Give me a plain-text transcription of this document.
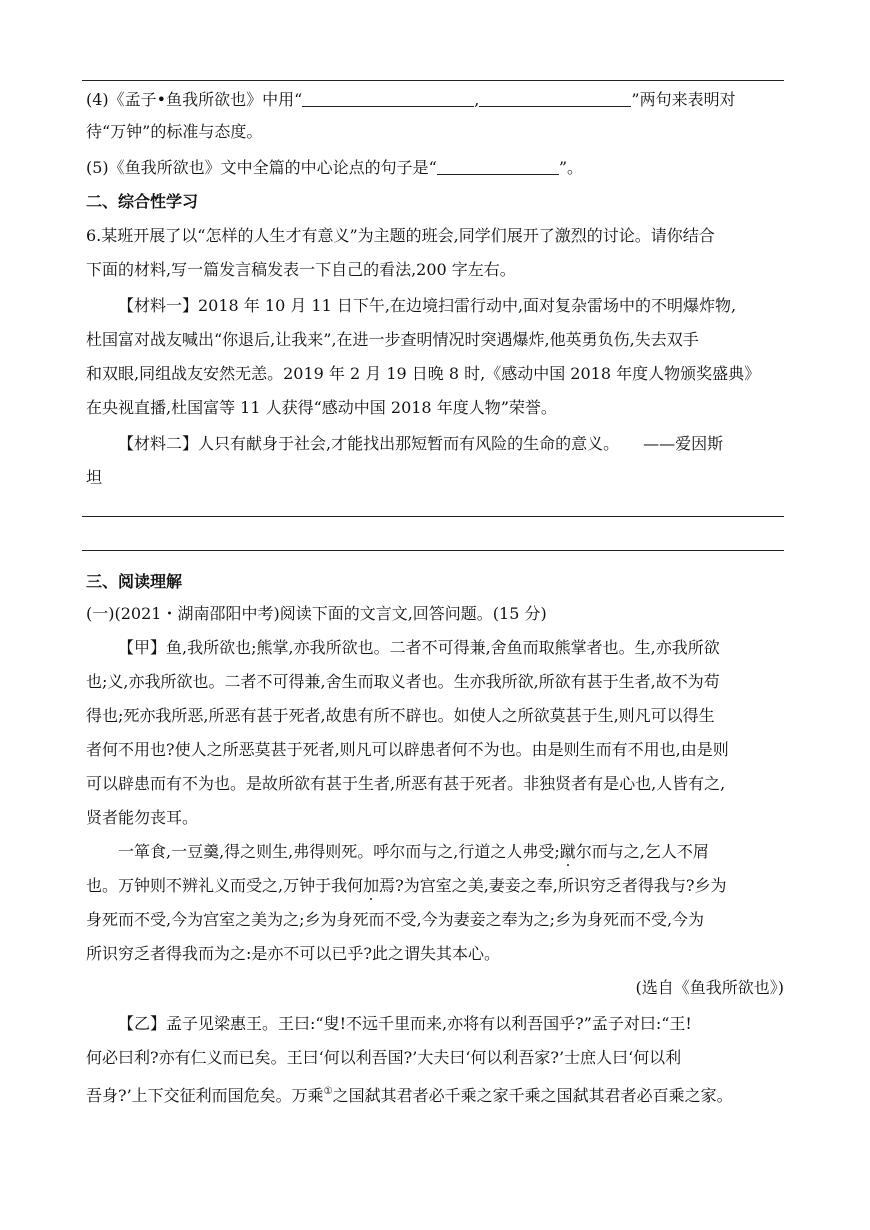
(4)《孟子•鱼我所欲也》中用“	,	”两句来表明对
待“万钟”的标准与态度。
(5)《鱼我所欲也》文中全篇的中心论点的句子是“	”。
二、综合性学习
6.某班开展了以“怎样的人生才有意义”为主题的班会,同学们展开了激烈的讨论。请你结合
下面的材料,写一篇发言稿发表一下自己的看法,200 字左右。
【材料一】2018 年 10 月 11 日下午,在边境扫雷行动中,面对复杂雷场中的不明爆炸物,
杜国富对战友喊出“你退后,让我来”,在进一步查明情况时突遇爆炸,他英勇负伤,失去双手
和双眼,同组战友安然无恙。2019 年 2 月 19 日晚 8 时,《感动中国 2018 年度人物颁奖盛典》
在央视直播,杜国富等 11 人获得“感动中国 2018 年度人物”荣誉。
【材料二】人只有献身于社会,才能找出那短暂而有风险的生命的意义。　　——爱因斯
坦
三、阅读理解
(一)(2021・湖南邵阳中考)阅读下面的文言文,回答问题。(15 分)
【甲】鱼,我所欲也;熊掌,亦我所欲也。二者不可得兼,舍鱼而取熊掌者也。生,亦我所欲
也;义,亦我所欲也。二者不可得兼,舍生而取义者也。生亦我所欲,所欲有甚于生者,故不为苟
得也;死亦我所恶,所恶有甚于死者,故患有所不辟也。如使人之所欲莫甚于生,则凡可以得生
者何不用也?使人之所恶莫甚于死者,则凡可以辟患者何不为也。由是则生而有不用也,由是则
可以辟患而有不为也。是故所欲有甚于生者,所恶有甚于死者。非独贤者有是心也,人皆有之,
贤者能勿丧耳。
一箪食,一豆羹,得之则生,弗得则死。呼尔而与之,行道之人弗受;蹴尔而与之,乞人不屑
也。万钟则不辨礼义而受之,万钟于我何加焉?为宫室之美,妻妾之奉,所识穷乏者得我与?乡为
身死而不受,今为宫室之美为之;乡为身死而不受,今为妻妾之奉为之;乡为身死而不受,今为
所识穷乏者得我而为之:是亦不可以已乎?此之谓失其本心。
(选自《鱼我所欲也》)
【乙】孟子见梁惠王。王曰:“叟!不远千里而来,亦将有以利吾国乎?”孟子对曰:“王!
何必曰利?亦有仁义而已矣。王曰‘何以利吾国?’大夫曰‘何以利吾家?’士庶人曰‘何以利
吾身?’上下交征利而国危矣。万乘①之国弑其君者必千乘之家千乘之国弑其君者必百乘之家。
